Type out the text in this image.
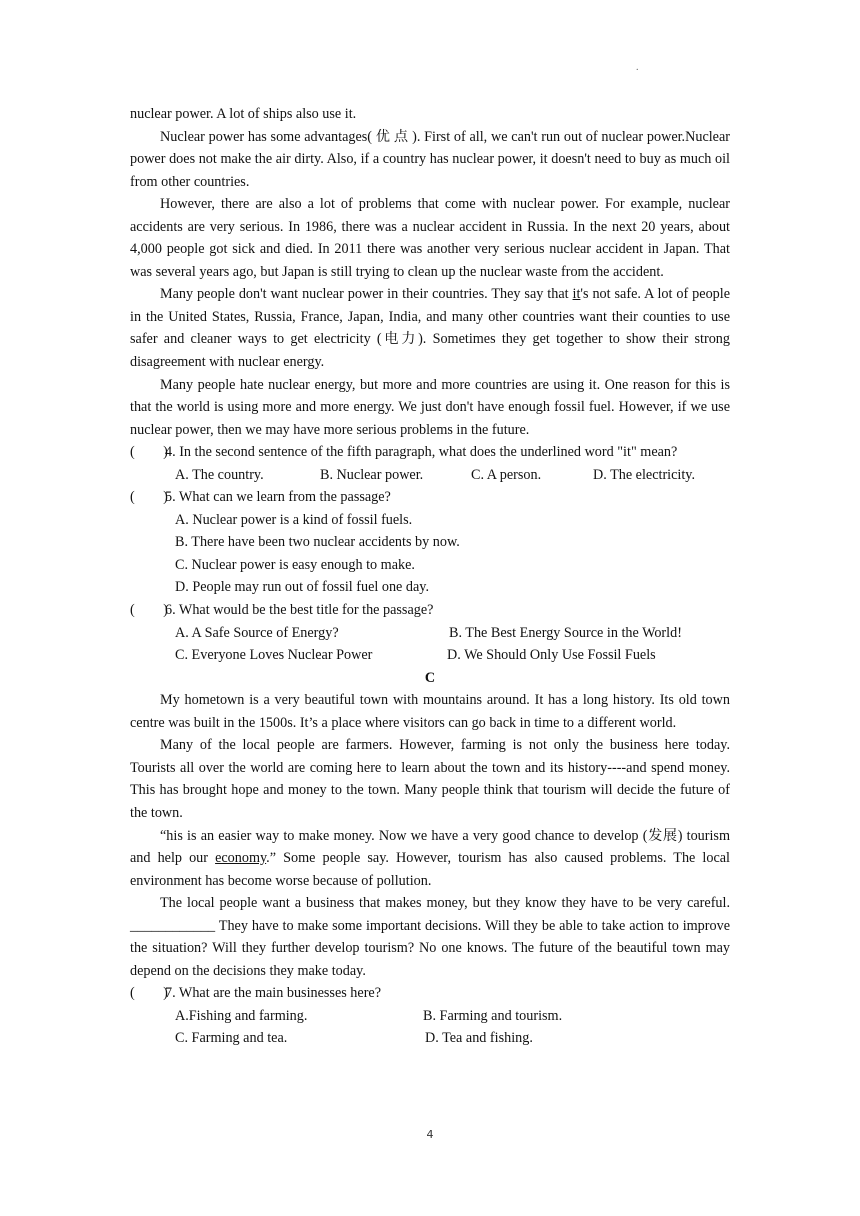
.

nuclear power. A lot of ships also use it.

Nuclear power has some advantages( 优 点 ). First of all, we can't run out of nuclear power.Nuclear power does not make the air dirty. Also, if a country has nuclear power, it doesn't need to buy as much oil from other countries.

However, there are also a lot of problems that come with nuclear power. For example, nuclear accidents are very serious. In 1986, there was a nuclear accident in Russia. In the next 20 years, about 4,000 people got sick and died. In 2011 there was another very serious nuclear accident in Japan. That was several years ago, but Japan is still trying to clean up the nuclear waste from the accident.

Many people don't want nuclear power in their countries. They say that it's not safe. A lot of people in the United States, Russia, France, Japan, India, and many other countries want their counties to use safer and cleaner ways to get electricity (电力). Sometimes they get together to show their strong disagreement with nuclear energy.

Many people hate nuclear energy, but more and more countries are using it. One reason for this is that the world is using more and more energy. We just don't have enough fossil fuel. However, if we use nuclear power, then we may have more serious problems in the future.

(        )
4. In the second sentence of the fifth paragraph, what does the underlined word "it" mean?
A. The country.	B. Nuclear power.	C. A person.	D. The electricity.
(        )
5. What can we learn from the passage?

A. Nuclear power is a kind of fossil fuels.

B. There have been two nuclear accidents by now.

C. Nuclear power is easy enough to make.

D. People may run out of fossil fuel one day.

(        )
6. What would be the best title for the passage?
A. A Safe Source of Energy?	B. The Best Energy Source in the World!
C. Everyone Loves Nuclear Power	D. We Should Only Use Fossil Fuels

C

My hometown is a very beautiful town with mountains around. It has a long history. Its old town centre was built in the 1500s. It’s a place where visitors can go back in time to a different world.

Many of the local people are farmers. However, farming is not only the business here today. Tourists all over the world are coming here to learn about the town and its history----and spend money. This has brought hope and money to the town. Many people think that tourism will decide the future of the town.

“his is an easier way to make money. Now we have a very good chance to develop (发展) tourism and help our economy.” Some people say. However, tourism has also caused problems. The local environment has become worse because of pollution.

The local people want a business that makes money, but they know they have to be very careful. ____________ They have to make some important decisions. Will they be able to take action to improve the situation? Will they further develop tourism? No one knows. The future of the beautiful town may depend on the decisions they make today.

(        )
7. What are the main businesses here?
A.Fishing and farming.	B. Farming and tourism.
C. Farming and tea.	D. Tea and fishing.
4
